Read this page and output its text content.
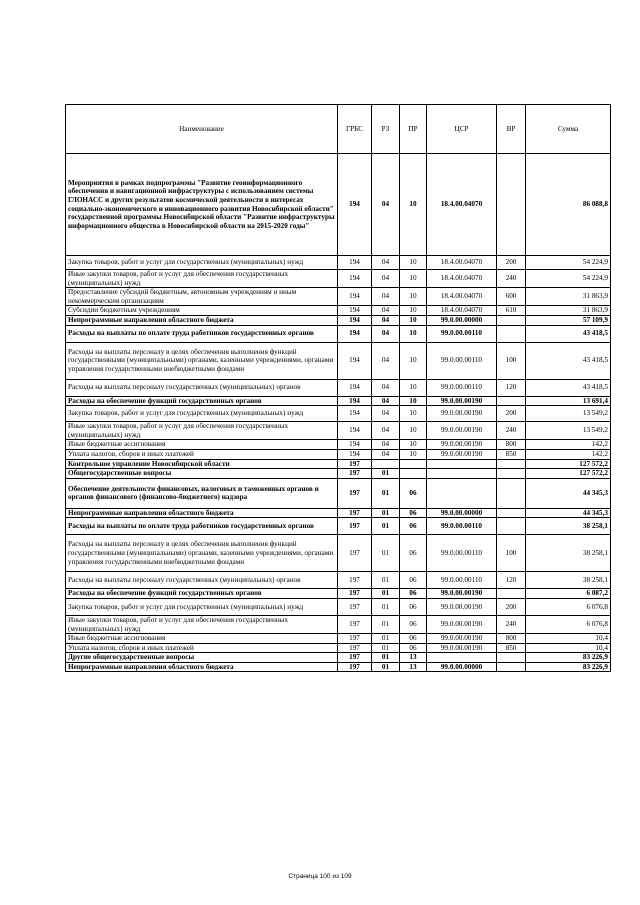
Наименование	ГРБС	РЗ	ПР	ЦСР	ВР	Сумма
Мероприятия в рамках подпрограммы "Развитие геоинформационного обеспечения и навигационной инфраструктуры с использованием системы ГЛОНАСС и других результатов космической деятельности в интересах социально-экономического и инновационного развития Новосибирской области" государственной программы Новосибирской области "Развитие инфраструктуры информационного общества в Новосибирской области на 2015-2020 годы"	194	04	10	18.4.00.04070		86 088,8
Закупка товаров, работ и услуг для государственных (муниципальных) нужд	194	04	10	18.4.00.04070	200	54 224,9
Иные закупки товаров, работ и услуг для обеспечения государственных (муниципальных) нужд	194	04	10	18.4.00.04070	240	54 224,9
Предоставление субсидий бюджетным, автономным учреждениям и иным некоммерческим организациям	194	04	10	18.4.00.04070	600	31 863,9
Субсидии бюджетным учреждениям	194	04	10	18.4.00.04070	610	31 863,9
Непрограммные направления областного бюджета	194	04	10	99.0.00.00000		57 109,9
Расходы на выплаты по оплате труда работников государственных органов	194	04	10	99.0.00.00110		43 418,5
Расходы на выплаты персоналу в целях обеспечения выполнения функций государственными (муниципальными) органами, казенными учреждениями, органами управления государственными внебюджетными фондами	194	04	10	99.0.00.00110	100	43 418,5
Расходы на выплаты персоналу государственных (муниципальных) органов	194	04	10	99.0.00.00110	120	43 418,5
Расходы на обеспечение функций государственных органов	194	04	10	99.0.00.00190		13 691,4
Закупка товаров, работ и услуг для государственных (муниципальных) нужд	194	04	10	99.0.00.00190	200	13 549,2
Иные закупки товаров, работ и услуг для обеспечения государственных (муниципальных) нужд	194	04	10	99.0.00.00190	240	13 549,2
Иные бюджетные ассигнования	194	04	10	99.0.00.00190	800	142,2
Уплата налогов, сборов и иных платежей	194	04	10	99.0.00.00190	850	142,2
Контрольное управление Новосибирской области	197					127 572,2
Общегосударственные вопросы	197	01				127 572,2
Обеспечение деятельности финансовых, налоговых и таможенных органов и органов финансового (финансово-бюджетного) надзора	197	01	06			44 345,3
Непрограммные направления областного бюджета	197	01	06	99.0.00.00000		44 345,3
Расходы на выплаты по оплате труда работников государственных органов	197	01	06	99.0.00.00110		38 258,1
Расходы на выплаты персоналу в целях обеспечения выполнения функций государственными (муниципальными) органами, казенными учреждениями, органами управления государственными внебюджетными фондами	197	01	06	99.0.00.00110	100	38 258,1
Расходы на выплаты персоналу государственных (муниципальных) органов	197	01	06	99.0.00.00110	120	38 258,1
Расходы на обеспечение функций государственных органов	197	01	06	99.0.00.00190		6 087,2
Закупка товаров, работ и услуг для государственных (муниципальных) нужд	197	01	06	99.0.00.00190	200	6 076,8
Иные закупки товаров, работ и услуг для обеспечения государственных (муниципальных) нужд	197	01	06	99.0.00.00190	240	6 076,8
Иные бюджетные ассигнования	197	01	06	99.0.00.00190	800	10,4
Уплата налогов, сборов и иных платежей	197	01	06	99.0.00.00190	850	10,4
Другие общегосударственные вопросы	197	01	13			83 226,9
Непрограммные направления областного бюджета	197	01	13	99.0.00.00000		83 226,9
Страница 100 из 109
